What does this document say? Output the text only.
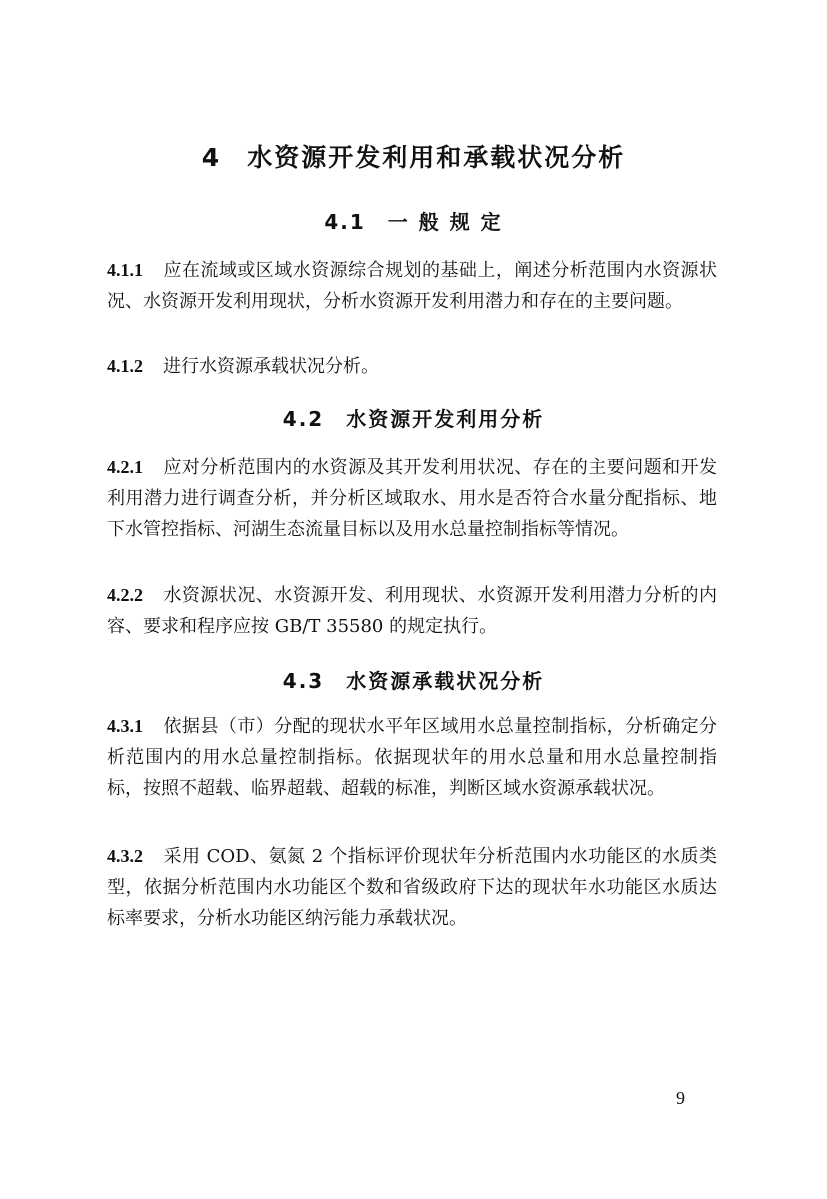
4 水资源开发利用和承载状况分析
4.1 一 般 规 定
4.1.1 应在流域或区域水资源综合规划的基础上，阐述分析范围内水资源状况、水资源开发利用现状，分析水资源开发利用潜力和存在的主要问题。
4.1.2 进行水资源承载状况分析。
4.2 水资源开发利用分析
4.2.1 应对分析范围内的水资源及其开发利用状况、存在的主要问题和开发利用潜力进行调查分析，并分析区域取水、用水是否符合水量分配指标、地下水管控指标、河湖生态流量目标以及用水总量控制指标等情况。
4.2.2 水资源状况、水资源开发、利用现状、水资源开发利用潜力分析的内容、要求和程序应按 GB/T 35580 的规定执行。
4.3 水资源承载状况分析
4.3.1 依据县（市）分配的现状水平年区域用水总量控制指标，分析确定分析范围内的用水总量控制指标。依据现状年的用水总量和用水总量控制指标，按照不超载、临界超载、超载的标准，判断区域水资源承载状况。
4.3.2 采用 COD、氨氮 2 个指标评价现状年分析范围内水功能区的水质类型，依据分析范围内水功能区个数和省级政府下达的现状年水功能区水质达标率要求，分析水功能区纳污能力承载状况。
9
